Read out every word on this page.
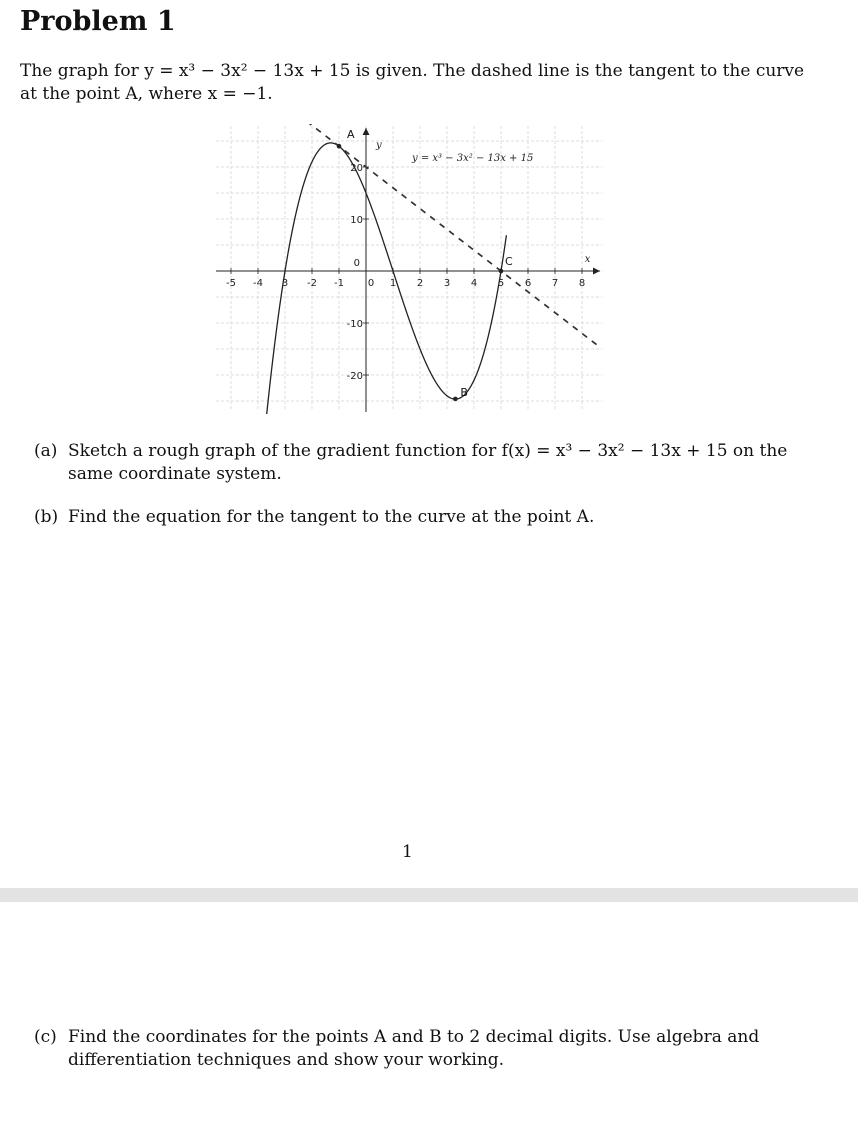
Problem 1
The graph for y = x³ − 3x² − 13x + 15 is given. The dashed line is the tangent to the curve
at the point A, where x = −1.
-5 -4 3 -2 -1 0 1 2 3 4 5 6 7 8
20
10
0
-10
-20
A
B
C
y = x³ − 3x² − 13x + 15
x
y
(a) Sketch a rough graph of the gradient function for f(x) = x³ − 3x² − 13x + 15 on the
same coordinate system.
(b) Find the equation for the tangent to the curve at the point A.
1
(c) Find the coordinates for the points A and B to 2 decimal digits. Use algebra and
differentiation techniques and show your working.
